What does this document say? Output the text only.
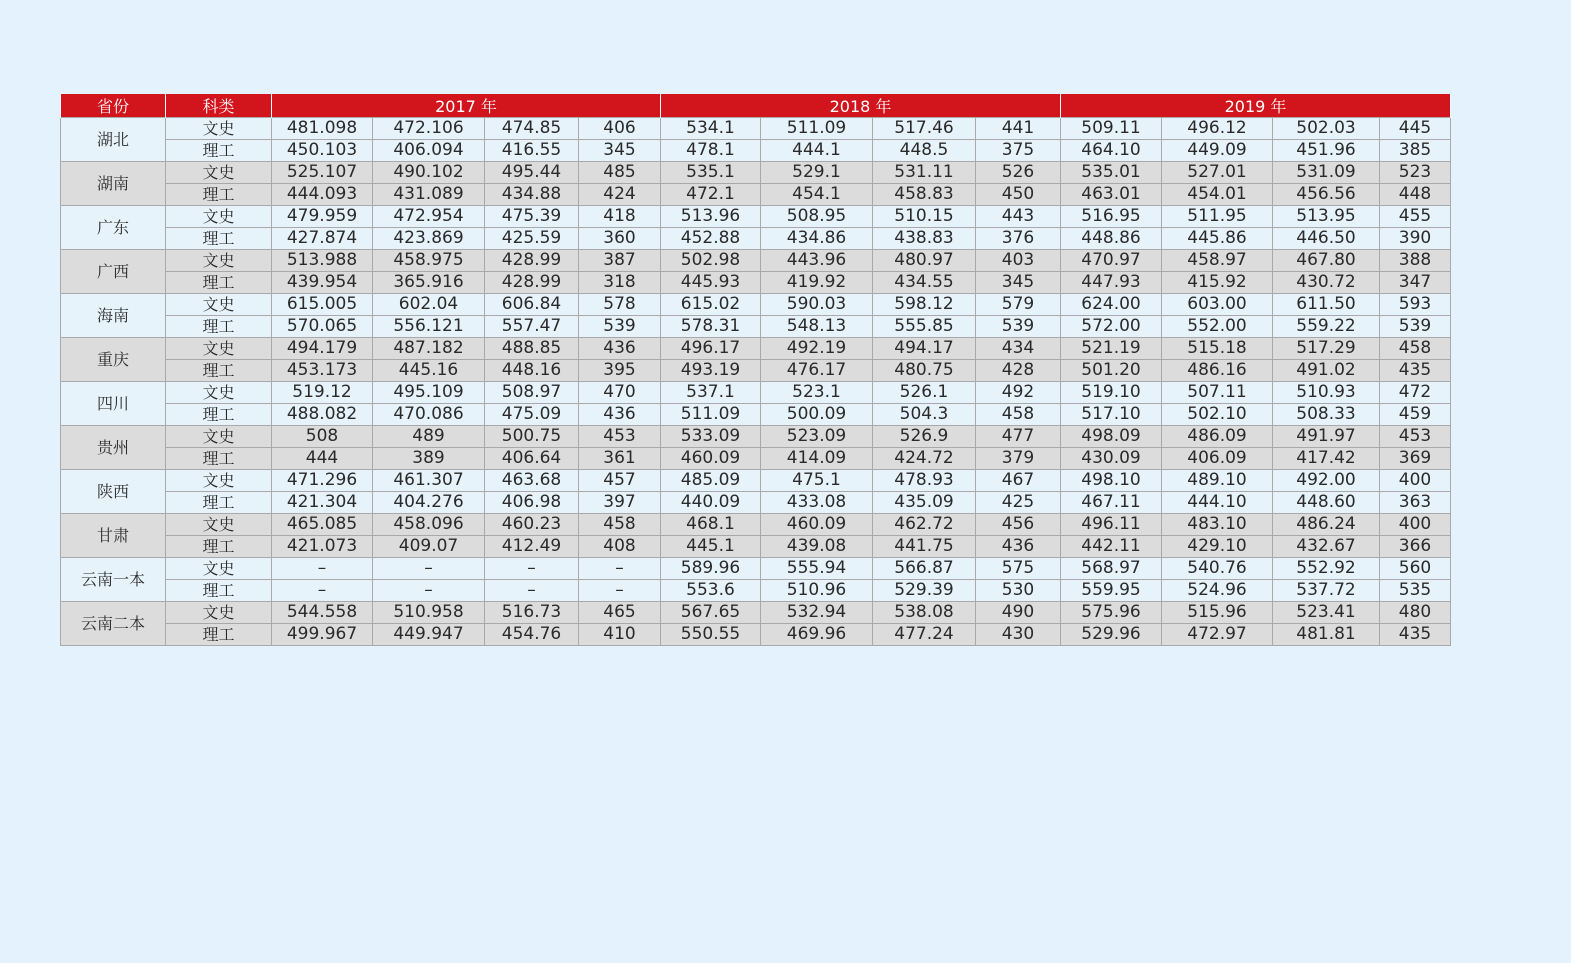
省份	科类	2017 年				2018 年				2019 年			
湖北	文史	481.098	472.106	474.85	406	534.1	511.09	517.46	441	509.11	496.12	502.03	445
	理工	450.103	406.094	416.55	345	478.1	444.1	448.5	375	464.10	449.09	451.96	385
湖南	文史	525.107	490.102	495.44	485	535.1	529.1	531.11	526	535.01	527.01	531.09	523
	理工	444.093	431.089	434.88	424	472.1	454.1	458.83	450	463.01	454.01	456.56	448
广东	文史	479.959	472.954	475.39	418	513.96	508.95	510.15	443	516.95	511.95	513.95	455
	理工	427.874	423.869	425.59	360	452.88	434.86	438.83	376	448.86	445.86	446.50	390
广西	文史	513.988	458.975	428.99	387	502.98	443.96	480.97	403	470.97	458.97	467.80	388
	理工	439.954	365.916	428.99	318	445.93	419.92	434.55	345	447.93	415.92	430.72	347
海南	文史	615.005	602.04	606.84	578	615.02	590.03	598.12	579	624.00	603.00	611.50	593
	理工	570.065	556.121	557.47	539	578.31	548.13	555.85	539	572.00	552.00	559.22	539
重庆	文史	494.179	487.182	488.85	436	496.17	492.19	494.17	434	521.19	515.18	517.29	458
	理工	453.173	445.16	448.16	395	493.19	476.17	480.75	428	501.20	486.16	491.02	435
四川	文史	519.12	495.109	508.97	470	537.1	523.1	526.1	492	519.10	507.11	510.93	472
	理工	488.082	470.086	475.09	436	511.09	500.09	504.3	458	517.10	502.10	508.33	459
贵州	文史	508	489	500.75	453	533.09	523.09	526.9	477	498.09	486.09	491.97	453
	理工	444	389	406.64	361	460.09	414.09	424.72	379	430.09	406.09	417.42	369
陕西	文史	471.296	461.307	463.68	457	485.09	475.1	478.93	467	498.10	489.10	492.00	400
	理工	421.304	404.276	406.98	397	440.09	433.08	435.09	425	467.11	444.10	448.60	363
甘肃	文史	465.085	458.096	460.23	458	468.1	460.09	462.72	456	496.11	483.10	486.24	400
	理工	421.073	409.07	412.49	408	445.1	439.08	441.75	436	442.11	429.10	432.67	366
云南一本	文史	–	–	–	–	589.96	555.94	566.87	575	568.97	540.76	552.92	560
	理工	–	–	–	–	553.6	510.96	529.39	530	559.95	524.96	537.72	535
云南二本	文史	544.558	510.958	516.73	465	567.65	532.94	538.08	490	575.96	515.96	523.41	480
	理工	499.967	449.947	454.76	410	550.55	469.96	477.24	430	529.96	472.97	481.81	435
